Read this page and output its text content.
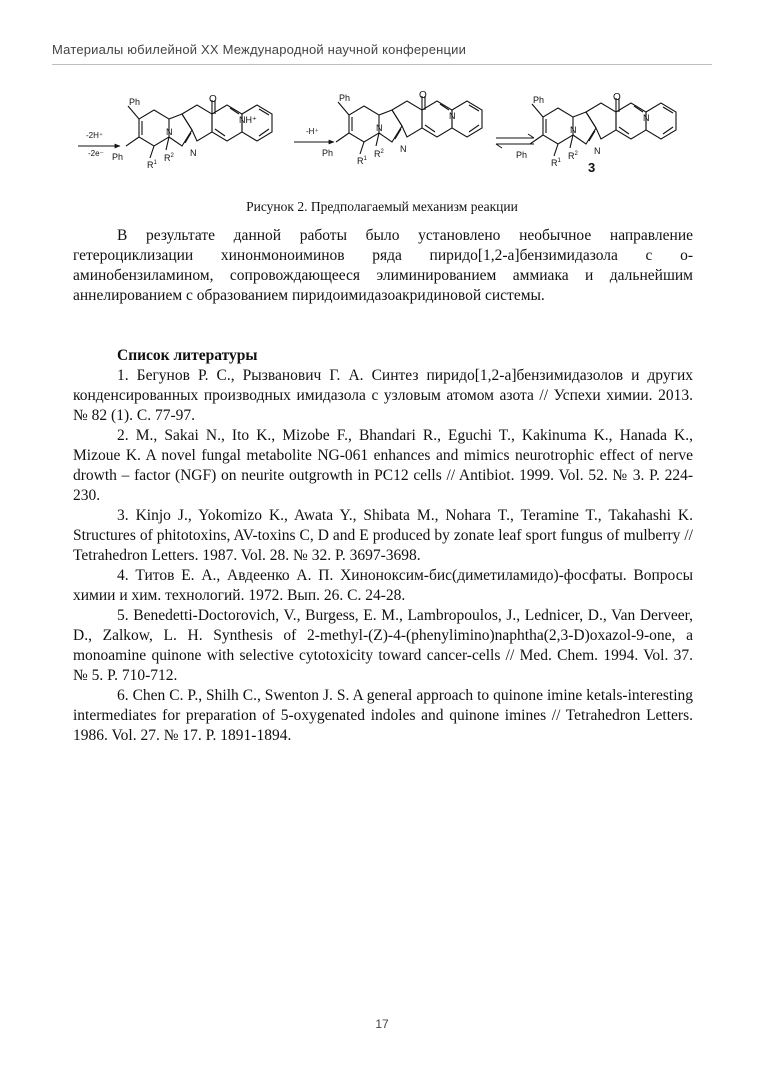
Материалы юбилейной XX Международной научной конференции
-2H⁺
-2e⁻
Ph
Ph
O
N
N
NH⁺
$R^1$ $R^2$
-H⁺
Ph
Ph
O
N
N
N
$R^1$ $R^2$
Ph
Ph
O
N
N
N
$R^1$ $R^2$
3
Рисунок 2. Предполагаемый механизм реакции

В результате данной работы было установлено необычное направление гетероциклизации хинонмоноиминов ряда пиридо[1,2-a]бензимидазола с о-аминобензиламином, сопровождающееся элиминированием аммиака и дальнейшим аннелированием с образованием пиридоимидазоакридиновой системы.

Список литературы

1. Бегунов Р. С., Рызванович Г. А. Синтез пиридо[1,2-a]бензимидазолов и других конденсированных производных имидазола с узловым атомом азота // Успехи химии. 2013. № 82 (1). С. 77-97.

2. M., Sakai N., Ito K., Mizobe F., Bhandari R., Eguchi T., Kakinuma K., Hanada K., Mizoue K. A novel fungal metabolite NG-061 enhances and mimics neurotrophic effect of nerve drowth – factor (NGF) on neurite outgrowth in PC12 cells // Antibiot. 1999. Vol. 52. № 3. P. 224-230.

3. Kinjo J., Yokomizo K., Awata Y., Shibata M., Nohara T., Teramine T., Takahashi K. Structures of phitotoxins, AV-toxins C, D and E produced by zonate leaf sport fungus of mulberry // Tetrahedron Letters. 1987. Vol. 28. № 32. P. 3697-3698.

4. Титов Е. А., Авдеенко А. П. Хиноноксим-бис(диметиламидо)-фосфаты. Вопросы химии и хим. технологий. 1972. Вып. 26. С. 24-28.

5. Benedetti-Doctorovich, V., Burgess, E. M., Lambropoulos, J., Lednicer, D., Van Derveer, D., Zalkow, L. H. Synthesis of 2-methyl-(Z)-4-(phenylimino)naphtha(2,3-D)oxazol-9-one, a monoamine quinone with selective cytotoxicity toward cancer-cells // Med. Chem. 1994. Vol. 37. № 5. P. 710-712.

6. Chen C. P., Shilh C., Swenton J. S. A general approach to quinone imine ketals-interesting intermediates for preparation of 5-oxygenated indoles and quinone imines // Tetrahedron Letters. 1986. Vol. 27. № 17. P. 1891-1894.

17
